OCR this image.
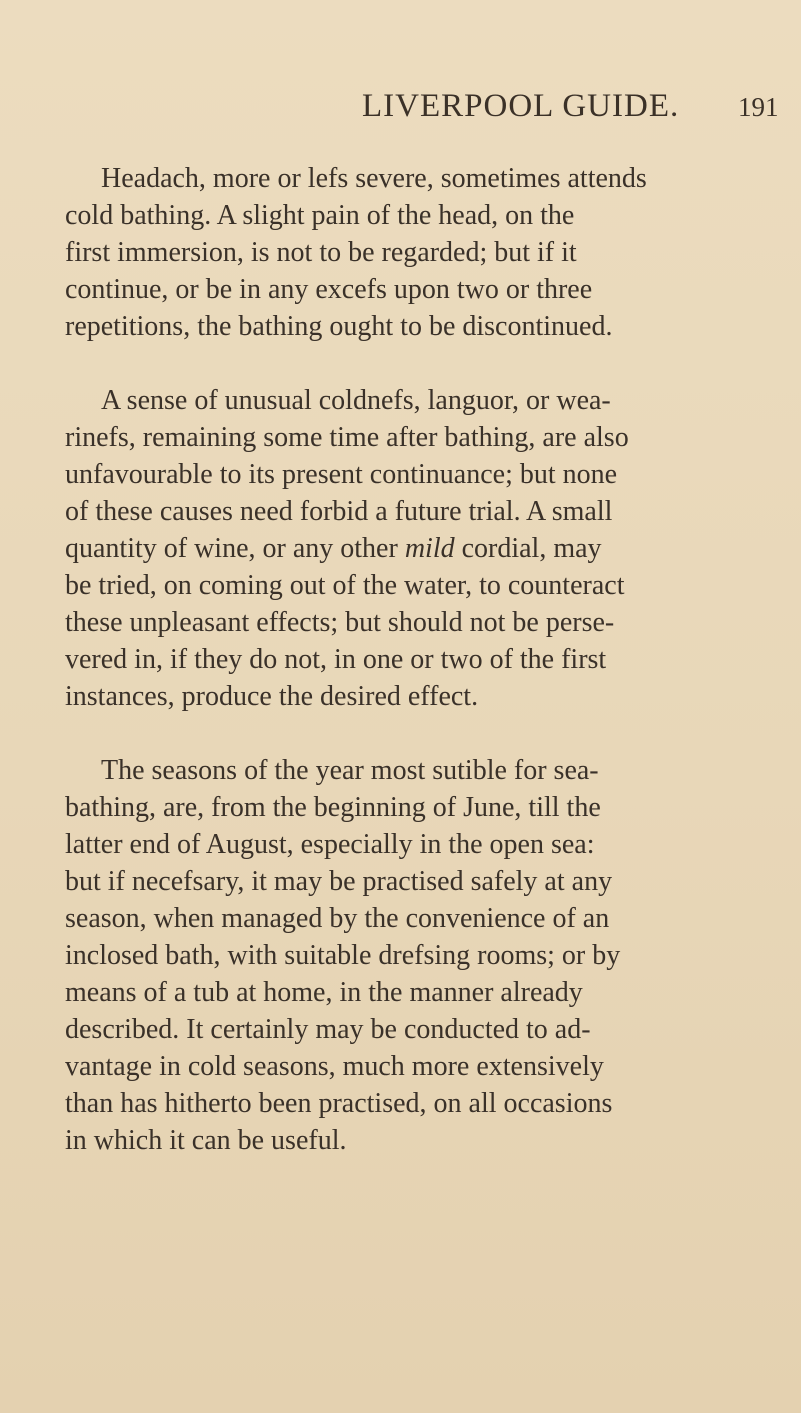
LIVERPOOL GUIDE. 191
Headach, more or lefs severe, sometimes attends
cold bathing. A slight pain of the head, on the
first immersion, is not to be regarded; but if it
continue, or be in any excefs upon two or three
repetitions, the bathing ought to be discontinued.
A sense of unusual coldnefs, languor, or wea-
rinefs, remaining some time after bathing, are also
unfavourable to its present continuance; but none
of these causes need forbid a future trial. A small
quantity of wine, or any other mild cordial, may
be tried, on coming out of the water, to counteract
these unpleasant effects; but should not be perse-
vered in, if they do not, in one or two of the first
instances, produce the desired effect.
The seasons of the year most sutible for sea-
bathing, are, from the beginning of June, till the
latter end of August, especially in the open sea:
but if necefsary, it may be practised safely at any
season, when managed by the convenience of an
inclosed bath, with suitable drefsing rooms; or by
means of a tub at home, in the manner already
described. It certainly may be conducted to ad-
vantage in cold seasons, much more extensively
than has hitherto been practised, on all occasions
in which it can be useful.
